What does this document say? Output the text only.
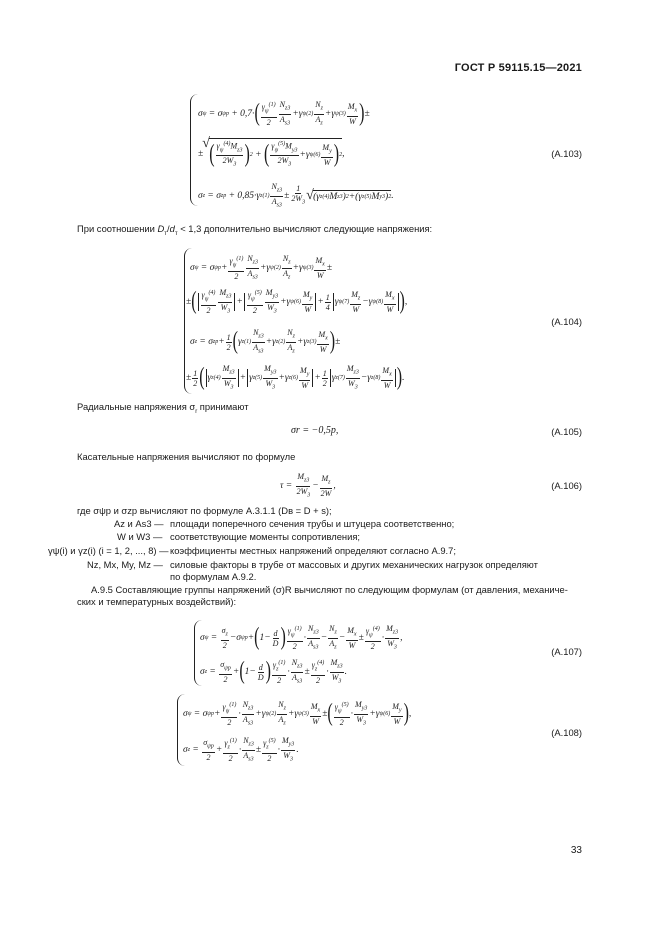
ГОСТ Р 59115.15—2021
σ ψ = σ ψp + 0,7· ( $\frac{\gamma_\psi^{(1)}}{2} \frac{N_{z3}}{A_{s3}} +\gamma$ ψ $(2) \frac{N_z}{A_z} +\gamma$ ψ $(3) \frac{M_x}{W}$ ) ±
± √ ( $\frac{\gamma_\psi^{(4)}M_{z3}}{2W_3}$ ) 2 + ( $\frac{\gamma_\psi^{(5)}M_{y3}}{2W_3} +\gamma$ ψ $(6) \frac{M_y}{W}$ ) 2 ,
σ z = σ zp + 0,85·γ z $(1) \frac{N_{z3}}{A_{s3}} \pm \frac{1}{2W_3}$ √ (γ z (4) M z3 ) 2 +(γ z (5) M y3 ) 2 .
(А.103)
При соотношении $D_т/d_т < 1,3$ дополнительно вычисляют следующие напряжения:
σ ψ = σ $\psi p + \frac{\gamma_\psi^{(1)}}{2} \frac{N_{z3}}{A_{s3}} +\gamma$ ψ $(2) \frac{N_z}{A_z} +\gamma$ ψ $(3) \frac{M_x}{W}$ ±
± ( $\frac{\gamma_\psi^{(4)}}{2} \frac{M_{z3}}{W_3} + \frac{\gamma_\psi^{(5)}}{2} \frac{M_{y3}}{W_3} +\gamma$ ψ $(6) \frac{M_y}{W} + \frac{1}{4}$ γ ψ $(7) \frac{M_z}{W} -\gamma$ ψ $(8) \frac{M_x}{W}$ ) ,
σ z = σ zp + $\frac{1}{2}$ ( γ z $(1) \frac{N_{z3}}{A_{s3}} +\gamma$ z $(2) \frac{N_z}{A_z} +\gamma$ z $(3) \frac{M_x}{W}$ ) ±
± $\frac{1}{2}$ ( γ z $(4) \frac{M_{z3}}{W_3} + \gamma$ z $(5) \frac{M_{y3}}{W_3} +\gamma$ z $(6) \frac{M_y}{W} + \frac{1}{2}$ γ z $(7) \frac{M_{z3}}{W_3} -\gamma$ z $(8) \frac{M_x}{W}$ ) .
(А.104)
Радиальные напряжения $\sigma_r$ принимают
σr = −0,5p,	(А.105)
Касательные напряжения вычисляют по формуле
$\tau = \frac{M_{z3}}{2W_3} - \frac{M_z}{2W}$ ,	(А.106)
где σψp и σzp вычисляют по формуле А.3.1.1 (Dв = D + s);
Az и As3 — площади поперечного сечения трубы и штуцера соответственно;
W и W3 — соответствующие моменты сопротивления;
γψ(i) и γz(i) (i = 1, 2, ..., 8) — коэффициенты местных напряжений определяют согласно А.9.7;
Nz, Mx, My, Mz — силовые факторы в трубе от массовых и других механических нагрузок определяют
по формулам А.9.2.
А.9.5 Составляющие группы напряжений (σ)R вычисляют по следующим формулам (от давления, механиче-
ских и температурных воздействий):
σ $\psi = \frac{\sigma_z}{2} -\sigma$ ψp + ( $1- \frac{d}{D}$ ) $\frac{\gamma_\psi^{(1)}}{2} \cdot \frac{N_{z3}}{A_{s3}} - \frac{N_z}{A_z} - \frac{M_x}{W} \pm \frac{\gamma_\psi^{(4)}}{2} \cdot \frac{M_{z3}}{W_3}$ ,
σ $z = \frac{\sigma_{\psi p}}{2}$ + ( $1- \frac{d}{D}$ ) $\frac{\gamma_z^{(1)}}{2} \cdot \frac{N_{z3}}{A_{s3}} \pm \frac{\gamma_z^{(4)}}{2} \cdot \frac{M_{z3}}{W_3}$ .
(А.107)
σ ψ = σ $\psi p + \frac{\gamma_\psi^{(1)}}{2} \cdot \frac{N_{z3}}{A_{s3}} +\gamma$ ψ $(2) \frac{N_z}{A_z} +\gamma$ ψ $(3) \frac{M_x}{W}$ ± ( $\frac{\gamma_\psi^{(5)}}{2} \cdot \frac{M_{y3}}{W_3} +\gamma$ ψ $(6) \frac{M_y}{W}$ ) ,
σ $z = \frac{\sigma_{\psi p}}{2} + \frac{\gamma_z^{(1)}}{2} \cdot \frac{N_{z3}}{A_{s3}} \pm \frac{\gamma_z^{(5)}}{2} \cdot \frac{M_{y3}}{W_3}$ .
(А.108)
33
